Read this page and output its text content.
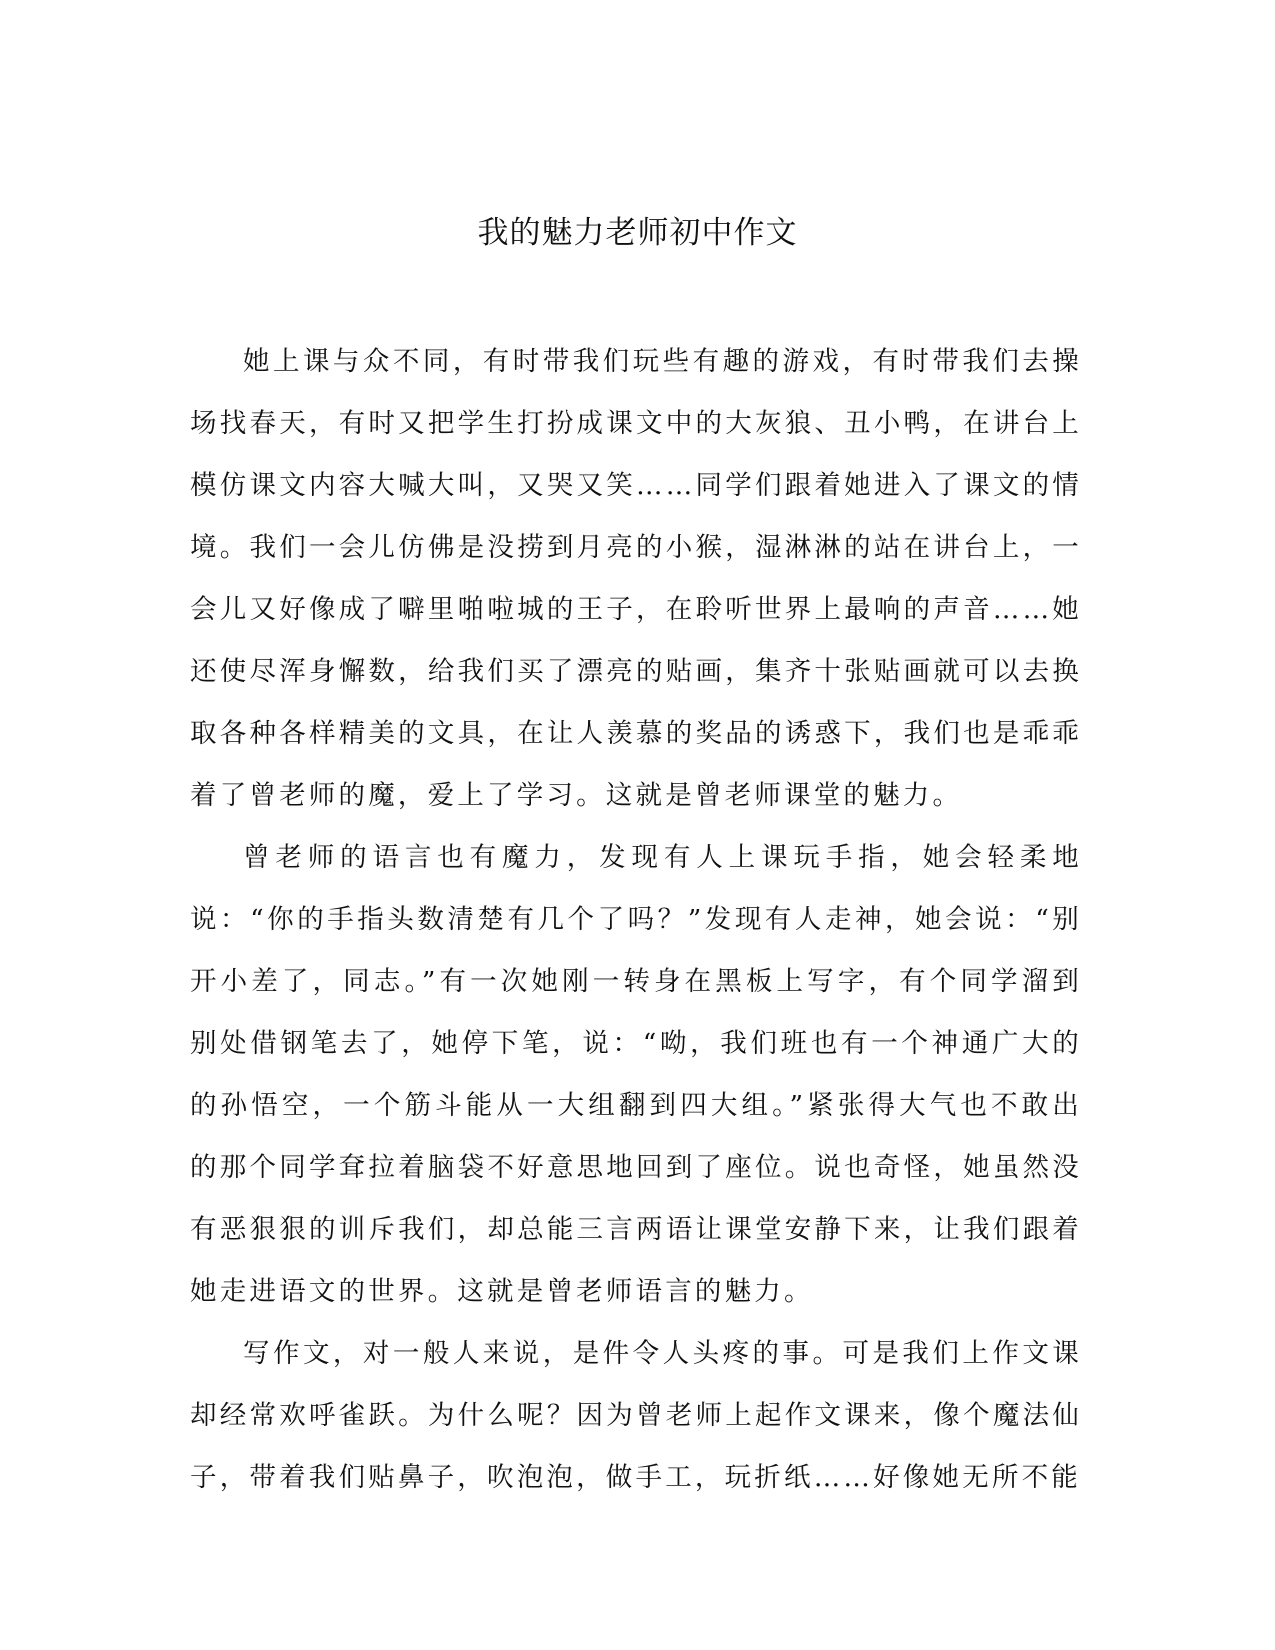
我的魅力老师初中作文

她上课与众不同，有时带我们玩些有趣的游戏，有时带我们去操场找春天，有时又把学生打扮成课文中的大灰狼、丑小鸭，在讲台上模仿课文内容大喊大叫，又哭又笑……同学们跟着她进入了课文的情境。我们一会儿仿佛是没捞到月亮的小猴，湿淋淋的站在讲台上，一会儿又好像成了噼里啪啦城的王子，在聆听世界上最响的声音……她还使尽浑身懈数，给我们买了漂亮的贴画，集齐十张贴画就可以去换取各种各样精美的文具，在让人羡慕的奖品的诱惑下，我们也是乖乖着了曾老师的魔，爱上了学习。这就是曾老师课堂的魅力。

曾老师的语言也有魔力，发现有人上课玩手指，她会轻柔地说：“你的手指头数清楚有几个了吗？”发现有人走神，她会说：“别开小差了，同志。”有一次她刚一转身在黑板上写字，有个同学溜到别处借钢笔去了，她停下笔，说：“呦，我们班也有一个神通广大的的孙悟空，一个筋斗能从一大组翻到四大组。”紧张得大气也不敢出的那个同学耷拉着脑袋不好意思地回到了座位。说也奇怪，她虽然没有恶狠狠的训斥我们，却总能三言两语让课堂安静下来，让我们跟着她走进语文的世界。这就是曾老师语言的魅力。

写作文，对一般人来说，是件令人头疼的事。可是我们上作文课却经常欢呼雀跃。为什么呢？因为曾老师上起作文课来，像个魔法仙子，带着我们贴鼻子，吹泡泡，做手工，玩折纸……好像她无所不能
